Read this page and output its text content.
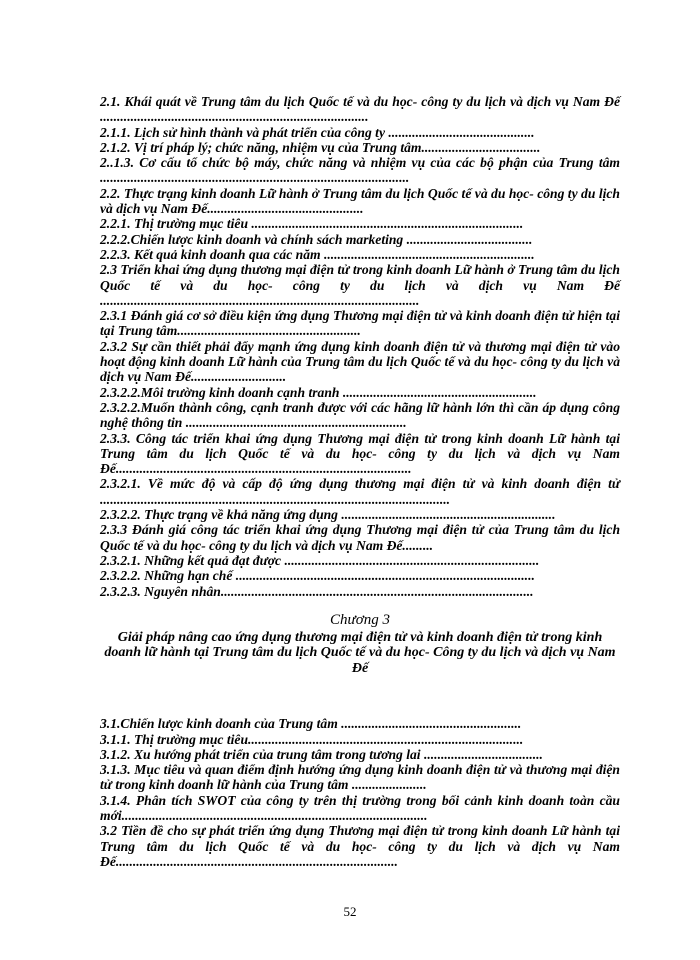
2.1. Khái quát về Trung tâm du lịch Quốc tế và du học- công ty du lịch và dịch vụ Nam Đế ...............................................................................

2.1.1. Lịch sử hình thành và phát triển của công ty ...........................................

2.1.2. Vị trí pháp lý; chức năng, nhiệm vụ của Trung tâm...................................

2..1.3. Cơ cấu tổ chức bộ máy, chức năng và nhiệm vụ của các bộ phận của Trung tâm ...........................................................................................

2.2. Thực trạng kinh doanh Lữ hành ở Trung tâm du lịch Quốc tế và du học- công ty du lịch và dịch vụ Nam Đế..............................................

2.2.1. Thị trường mục tiêu ................................................................................

2.2.2.Chiến lược kinh doanh và chính sách marketing .....................................

2.2.3. Kết quả kinh doanh qua các năm ..............................................................

2.3 Triển khai ứng dụng thương mại điện tử trong kinh doanh Lữ hành ở Trung tâm du lịch Quốc tế và du học- công ty du lịch và dịch vụ Nam Đế ..............................................................................................

2.3.1 Đánh giá cơ sở điều kiện ứng dụng Thương mại điện tử và kinh doanh điện tử hiện tại tại Trung tâm......................................................

2.3.2 Sự cần thiết phải đẩy mạnh ứng dụng kinh doanh điện tử và thương mại điện tử vào hoạt động kinh doanh Lữ hành của Trung tâm du lịch Quốc tế và du học- công ty du lịch và dịch vụ Nam Đế............................

2.3.2.2.Môi trường kinh doanh cạnh tranh .........................................................

2.3.2.2.Muốn thành công, cạnh tranh được với các hãng lữ hành lớn thì cần áp dụng công nghệ thông tin .................................................................

2.3.3. Công tác triển khai ứng dụng Thương mại điện tử trong kinh doanh Lữ hành tại Trung tâm du lịch Quốc tế và du học- công ty du lịch và dịch vụ Nam Đế.......................................................................................

2.3.2.1. Về mức độ và cấp độ ứng dụng thương mại điện tử và kinh doanh điện tử .......................................................................................................

2.3.2.2. Thực trạng về khả năng ứng dụng ...............................................................

2.3.3 Đánh giá công tác triển khai ứng dụng Thương mại điện tử của Trung tâm du lịch Quốc tế và du học- công ty du lịch và dịch vụ Nam Đế.........

2.3.2.1. Những kết quả đạt được ...........................................................................

2.3.2.2. Những hạn chế ........................................................................................

2.3.2.3. Nguyên nhân............................................................................................

Chương 3

Giải pháp nâng cao ứng dụng thương mại điện tử và kinh doanh điện tử trong kinh doanh lữ hành tại Trung tâm du lịch Quốc tế và du học- Công ty du lịch và dịch vụ Nam Đế

3.1.Chiến lược kinh doanh của Trung tâm .....................................................

3.1.1. Thị trường mục tiêu.................................................................................

3.1.2. Xu hướng phát triển của trung tâm trong tương lai ...................................

3.1.3. Mục tiêu và quan điểm định hướng ứng dụng kinh doanh điện tử và thương mại điện tử trong kinh doanh lữ hành của Trung tâm ......................

3.1.4. Phân tích SWOT của công ty trên thị trường trong bối cảnh kinh doanh toàn cầu mới..........................................................................................

3.2 Tiền đề cho sự phát triển ứng dụng Thương mại điện tử trong kinh doanh Lữ hành tại Trung tâm du lịch Quốc tế và du học- công ty du lịch và dịch vụ Nam Đế...................................................................................

52
